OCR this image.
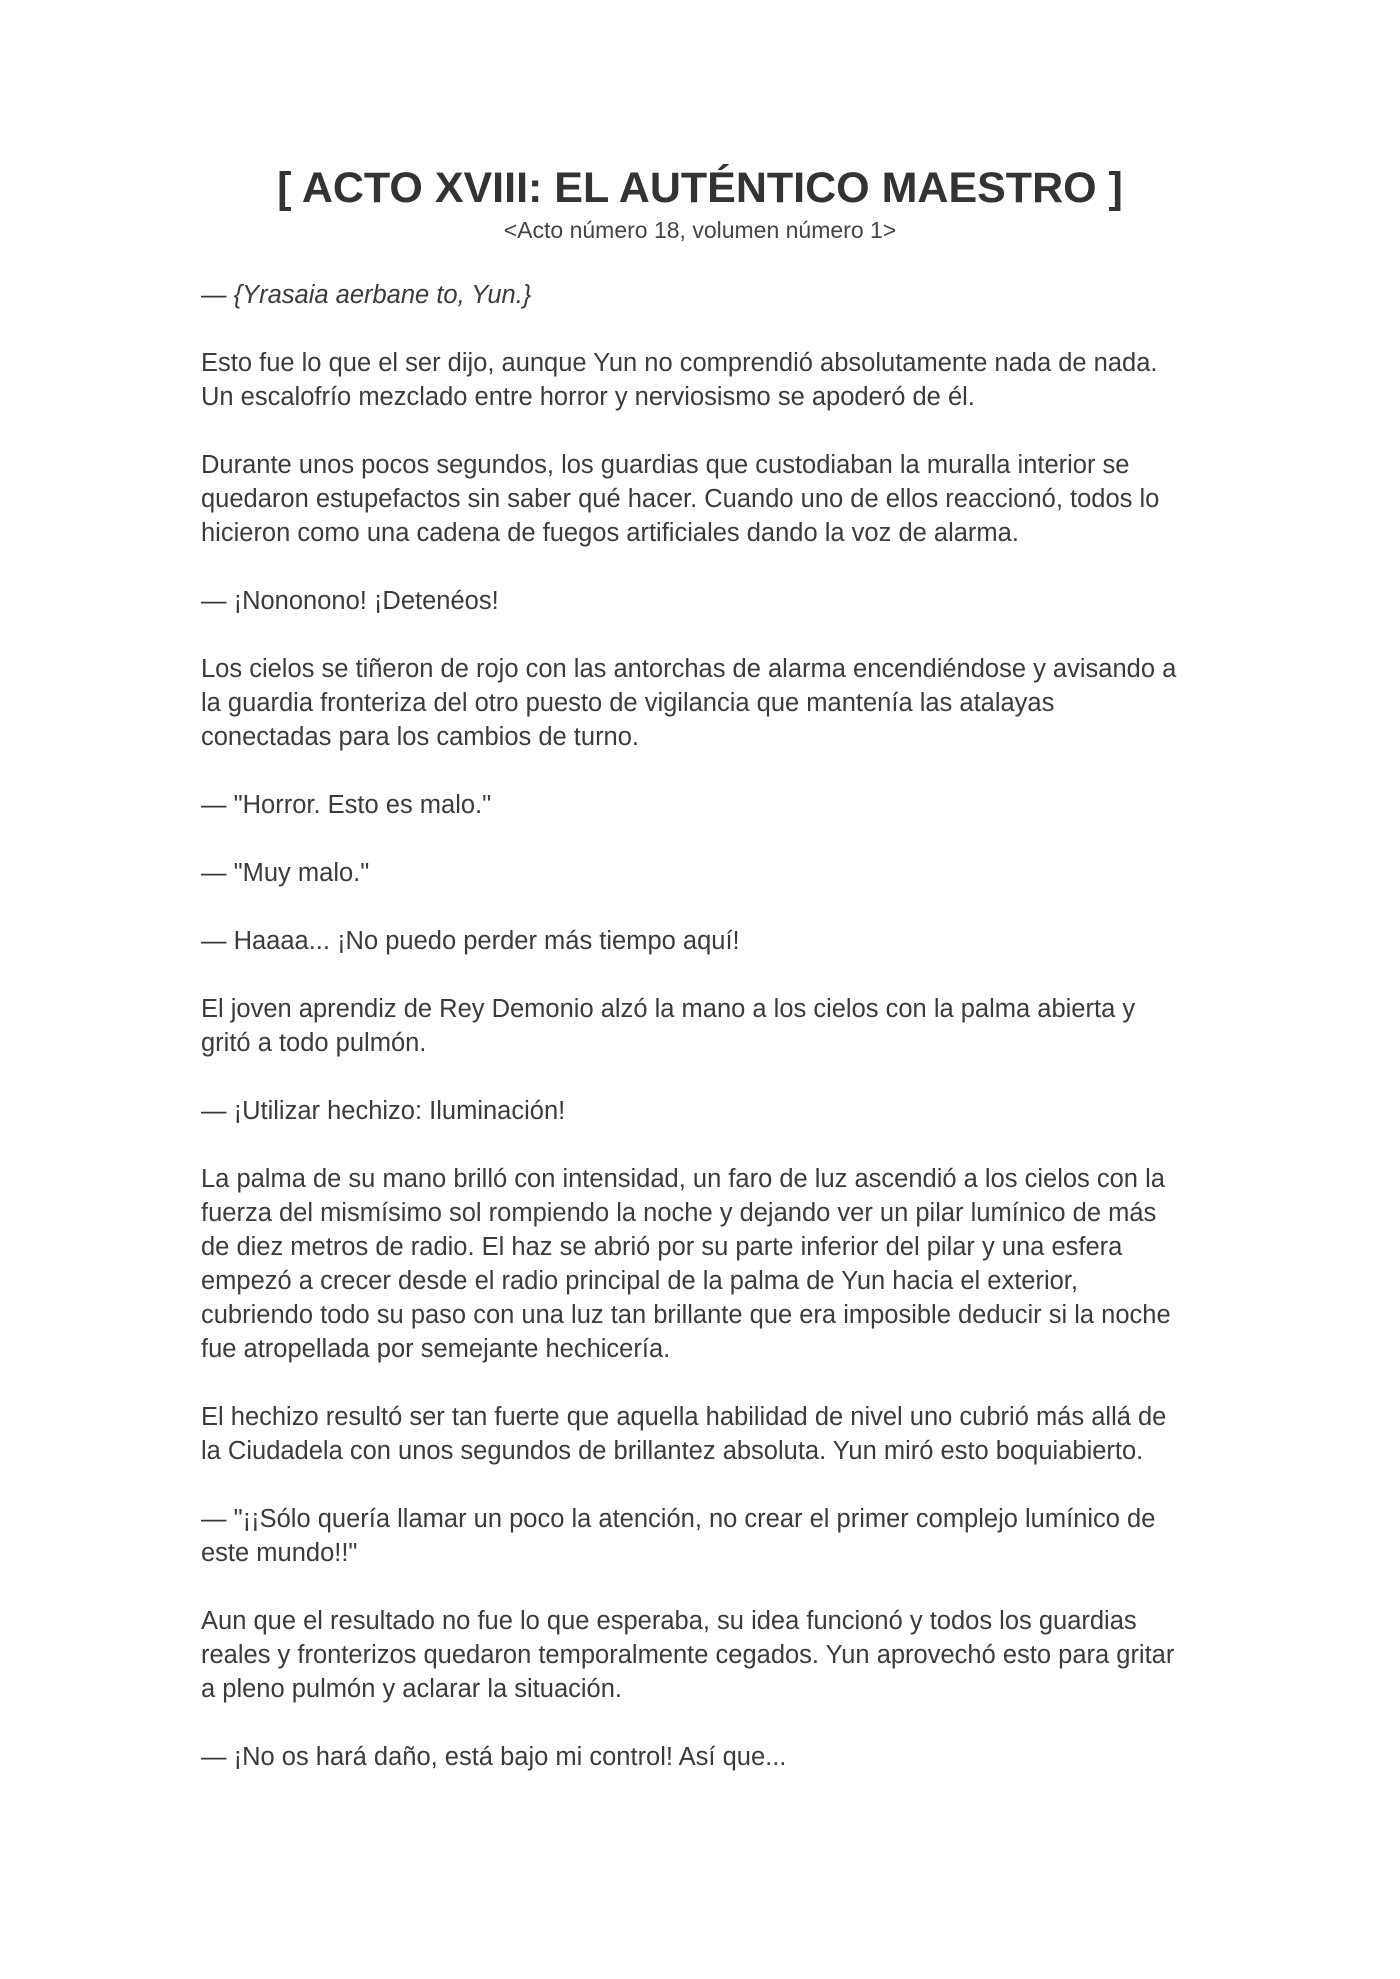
[ ACTO XVIII: EL AUTÉNTICO MAESTRO ]
<Acto número 18, volumen número 1>

— {Yrasaia aerbane to, Yun.}

Esto fue lo que el ser dijo, aunque Yun no comprendió absolutamente nada de nada.
Un escalofrío mezclado entre horror y nerviosismo se apoderó de él.

Durante unos pocos segundos, los guardias que custodiaban la muralla interior se
quedaron estupefactos sin saber qué hacer. Cuando uno de ellos reaccionó, todos lo
hicieron como una cadena de fuegos artificiales dando la voz de alarma.

— ¡Nononono! ¡Detenéos!

Los cielos se tiñeron de rojo con las antorchas de alarma encendiéndose y avisando a
la guardia fronteriza del otro puesto de vigilancia que mantenía las atalayas
conectadas para los cambios de turno.

— "Horror. Esto es malo."

— "Muy malo."

— Haaaa... ¡No puedo perder más tiempo aquí!

El joven aprendiz de Rey Demonio alzó la mano a los cielos con la palma abierta y
gritó a todo pulmón.

— ¡Utilizar hechizo: Iluminación!

La palma de su mano brilló con intensidad, un faro de luz ascendió a los cielos con la
fuerza del mismísimo sol rompiendo la noche y dejando ver un pilar lumínico de más
de diez metros de radio. El haz se abrió por su parte inferior del pilar y una esfera
empezó a crecer desde el radio principal de la palma de Yun hacia el exterior,
cubriendo todo su paso con una luz tan brillante que era imposible deducir si la noche
fue atropellada por semejante hechicería.

El hechizo resultó ser tan fuerte que aquella habilidad de nivel uno cubrió más allá de
la Ciudadela con unos segundos de brillantez absoluta. Yun miró esto boquiabierto.

— "¡¡Sólo quería llamar un poco la atención, no crear el primer complejo lumínico de
este mundo!!"

Aun que el resultado no fue lo que esperaba, su idea funcionó y todos los guardias
reales y fronterizos quedaron temporalmente cegados. Yun aprovechó esto para gritar
a pleno pulmón y aclarar la situación.

— ¡No os hará daño, está bajo mi control! Así que...
